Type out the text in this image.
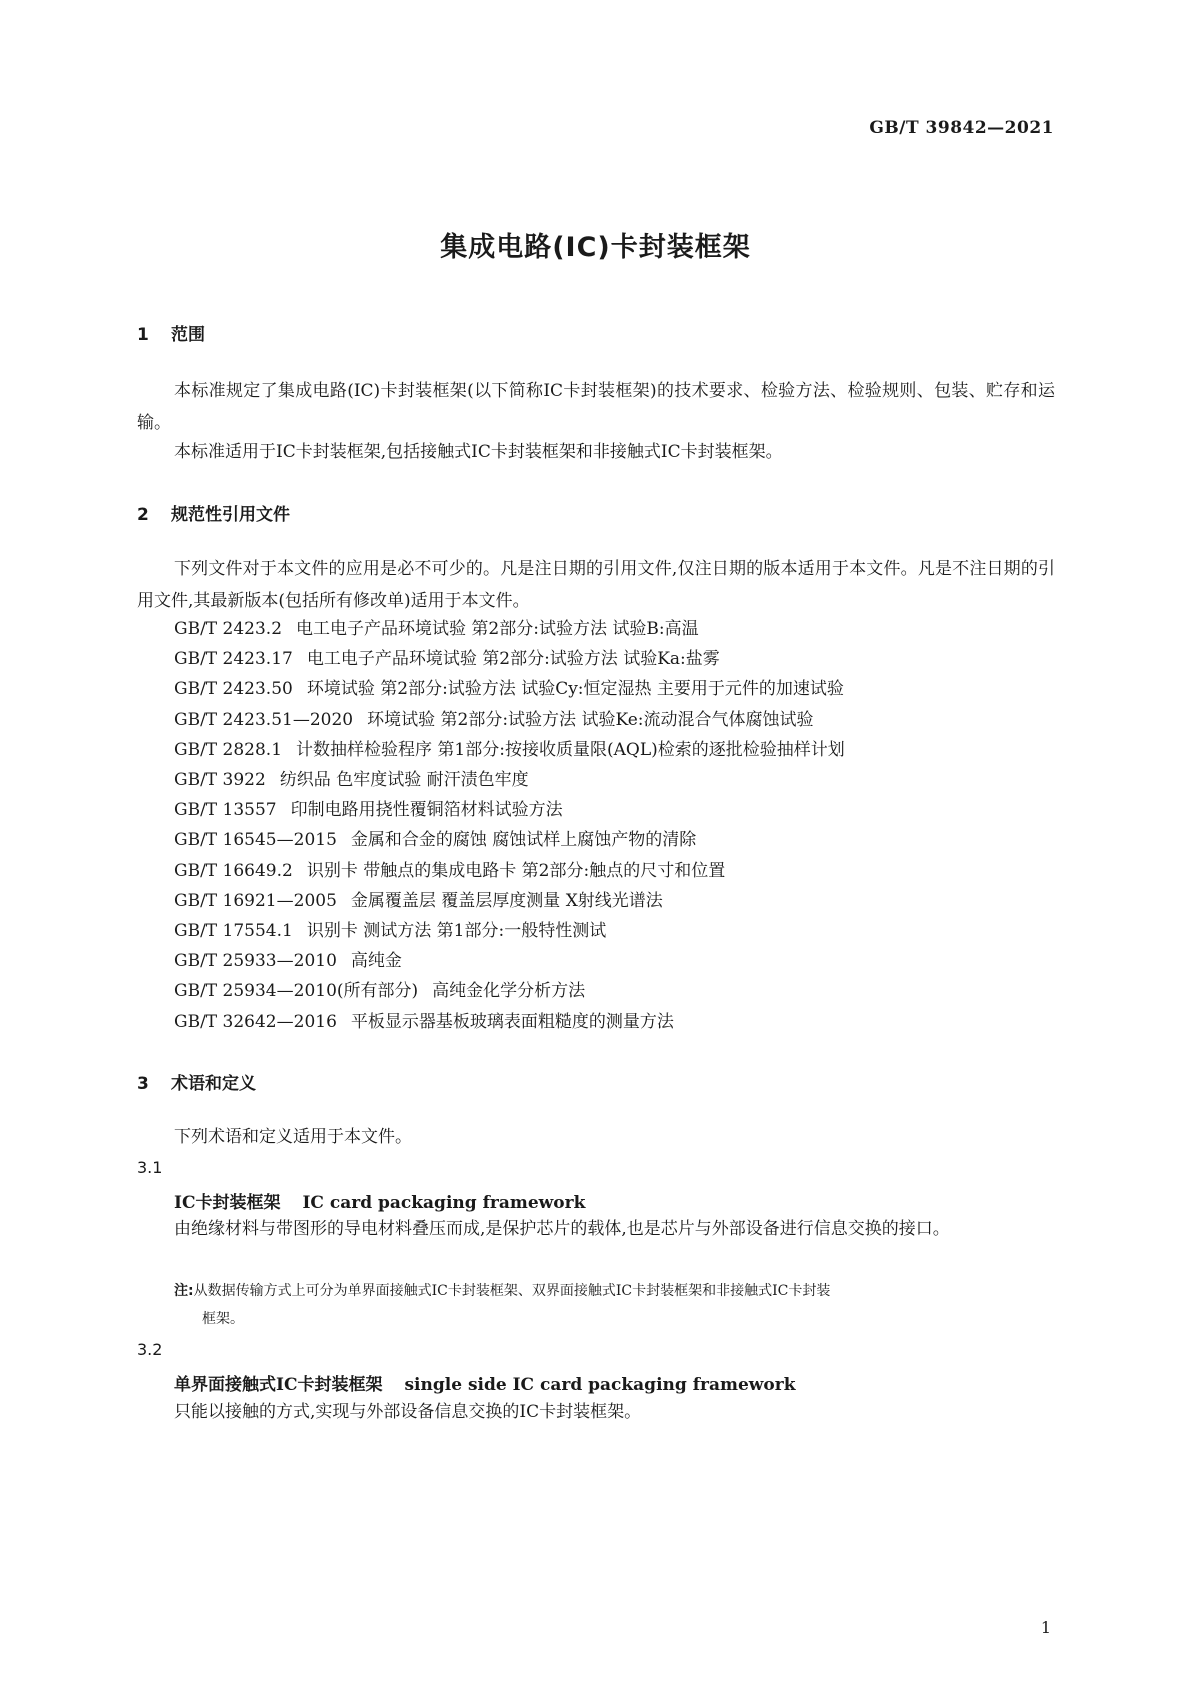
GB/T 39842—2021
集成电路(IC)卡封装框架
1 范围
本标准规定了集成电路(IC)卡封装框架(以下简称IC卡封装框架)的技术要求、检验方法、检验规则、包装、贮存和运输。
本标准适用于IC卡封装框架,包括接触式IC卡封装框架和非接触式IC卡封装框架。
2 规范性引用文件
下列文件对于本文件的应用是必不可少的。凡是注日期的引用文件,仅注日期的版本适用于本文件。凡是不注日期的引用文件,其最新版本(包括所有修改单)适用于本文件。
GB/T 2423.2 电工电子产品环境试验 第2部分:试验方法 试验B:高温
GB/T 2423.17 电工电子产品环境试验 第2部分:试验方法 试验Ka:盐雾
GB/T 2423.50 环境试验 第2部分:试验方法 试验Cy:恒定湿热 主要用于元件的加速试验
GB/T 2423.51—2020 环境试验 第2部分:试验方法 试验Ke:流动混合气体腐蚀试验
GB/T 2828.1 计数抽样检验程序 第1部分:按接收质量限(AQL)检索的逐批检验抽样计划
GB/T 3922 纺织品 色牢度试验 耐汗渍色牢度
GB/T 13557 印制电路用挠性覆铜箔材料试验方法
GB/T 16545—2015 金属和合金的腐蚀 腐蚀试样上腐蚀产物的清除
GB/T 16649.2 识别卡 带触点的集成电路卡 第2部分:触点的尺寸和位置
GB/T 16921—2005 金属覆盖层 覆盖层厚度测量 X射线光谱法
GB/T 17554.1 识别卡 测试方法 第1部分:一般特性测试
GB/T 25933—2010 高纯金
GB/T 25934—2010(所有部分) 高纯金化学分析方法
GB/T 32642—2016 平板显示器基板玻璃表面粗糙度的测量方法
3 术语和定义
下列术语和定义适用于本文件。
3.1
IC卡封装框架 IC card packaging framework
由绝缘材料与带图形的导电材料叠压而成,是保护芯片的载体,也是芯片与外部设备进行信息交换的接口。
注:从数据传输方式上可分为单界面接触式IC卡封装框架、双界面接触式IC卡封装框架和非接触式IC卡封装
框架。
3.2
单界面接触式IC卡封装框架 single side IC card packaging framework
只能以接触的方式,实现与外部设备信息交换的IC卡封装框架。
1
